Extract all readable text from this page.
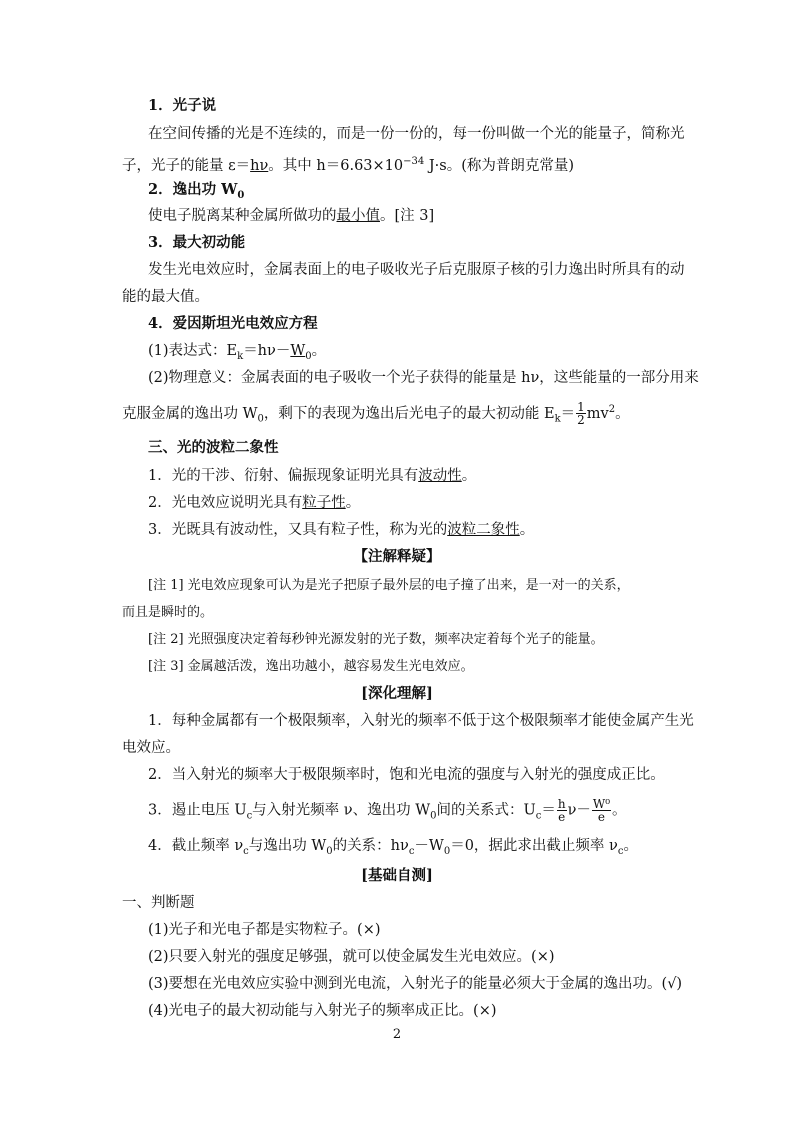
1．光子说
在空间传播的光是不连续的，而是一份一份的，每一份叫做一个光的能量子，简称光
子，光子的能量 ε＝hν。其中 $h=6.63\times 10^{-34}$ J·s。(称为普朗克常量)
2．逸出功 $W_0$
使电子脱离某种金属所做功的最小值。[注 3]
3．最大初动能
发生光电效应时，金属表面上的电子吸收光子后克服原子核的引力逸出时所具有的动
能的最大值。
4．爱因斯坦光电效应方程
(1)表达式：$E_k=h\nu-W_0$。
(2)物理意义：金属表面的电子吸收一个光子获得的能量是 hν，这些能量的一部分用来
克服金属的逸出功 $W_0$，剩下的表现为逸出后光电子的最大初动能 $E_k= \frac{1}{2} mv^2$。
三、光的波粒二象性
1．光的干涉、衍射、偏振现象证明光具有波动性。
2．光电效应说明光具有粒子性。
3．光既具有波动性，又具有粒子性，称为光的波粒二象性。
【注解释疑】
[注 1] 光电效应现象可认为是光子把原子最外层的电子撞了出来，是一对一的关系，
而且是瞬时的。
[注 2] 光照强度决定着每秒钟光源发射的光子数，频率决定着每个光子的能量。
[注 3] 金属越活泼，逸出功越小，越容易发生光电效应。
[深化理解]
1．每种金属都有一个极限频率，入射光的频率不低于这个极限频率才能使金属产生光
电效应。
2．当入射光的频率大于极限频率时，饱和光电流的强度与入射光的强度成正比。
3．遏止电压 $U_c$与入射光频率 ν、逸出功 $W_0$间的关系式：$U_c= \frac{h}{e} \nu- \frac{\text{W⁰}}{e}$ 。
4．截止频率 $\nu_c$与逸出功 $W_0$的关系：$h\nu_c-W_0=0$，据此求出截止频率 $\nu_c$。
[基础自测]
一、判断题
(1)光子和光电子都是实物粒子。(×)
(2)只要入射光的强度足够强，就可以使金属发生光电效应。(×)
(3)要想在光电效应实验中测到光电流，入射光子的能量必须大于金属的逸出功。(√)
(4)光电子的最大初动能与入射光子的频率成正比。(×)
2
